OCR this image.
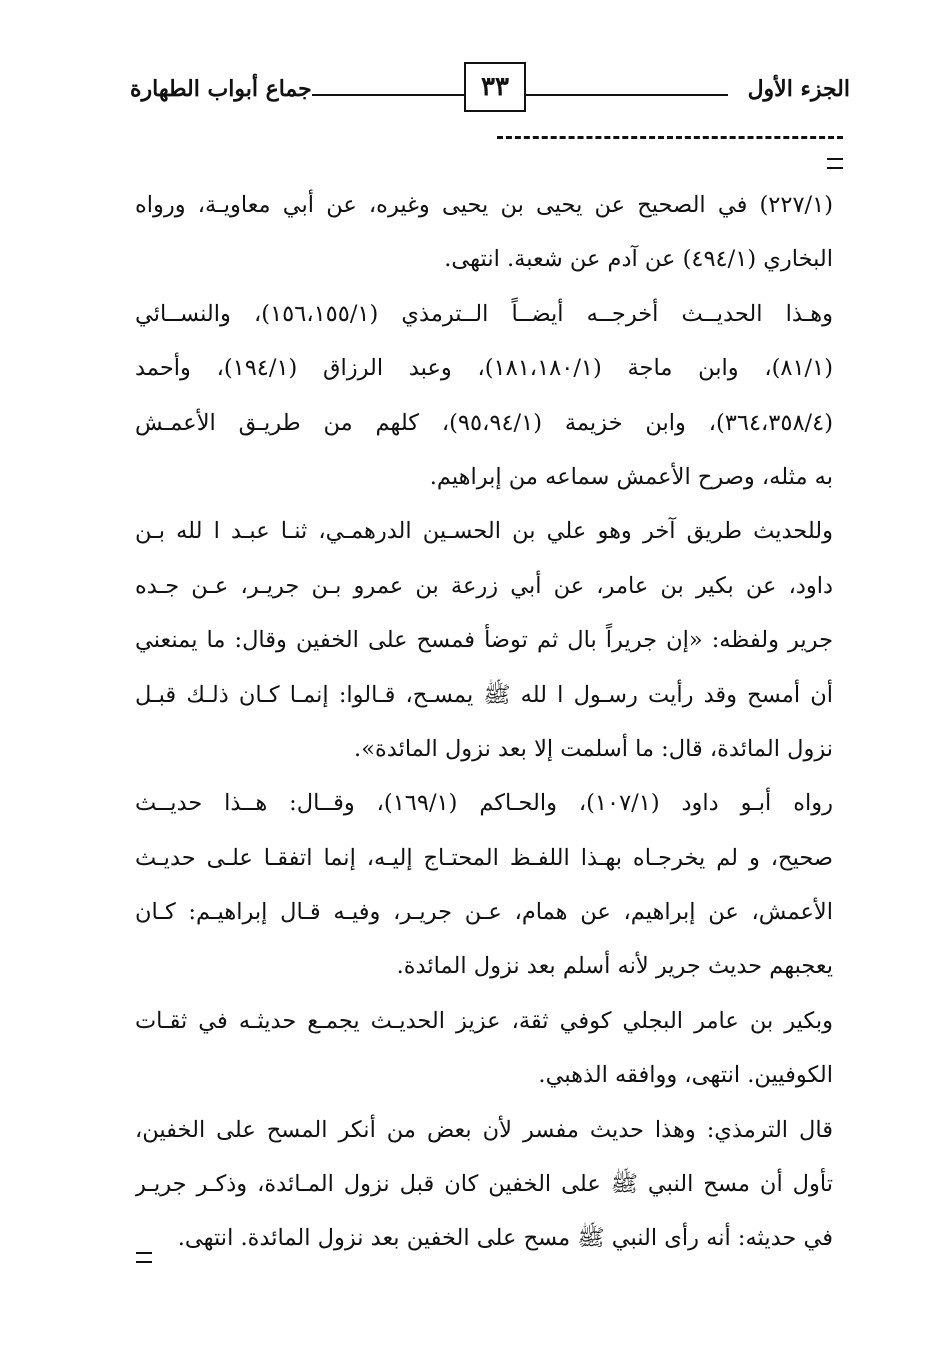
الجزء الأول
٣٣
جماع أبواب الطهارة
(٢٢٧/١) في الصحيح عن يحيى بن يحيى وغيره، عن أبي معاويـة، ورواه
البخاري (٤٩٤/١) عن آدم عن شعبة. انتهى.
وهـذا الحديــث أخرجــه أيضــاً الــترمذي (١٥٦،١٥٥/١)، والنســائي
(٨١/١)، وابن ماجة (١٨١،١٨٠/١)، وعبد الرزاق (١٩٤/١)، وأحمد
(٣٦٤،٣٥٨/٤)، وابن خزيمة (٩٥،٩٤/١)، كلهم من طريـق الأعمـش
به مثله، وصرح الأعمش سماعه من إبراهيم.
وللحديث طريق آخر وهو علي بن الحسـين الدرهمـي، ثنـا عبـد ا لله بـن
داود، عن بكير بن عامر، عن أبي زرعة بن عمرو بـن جريـر، عـن جـده
جرير ولفظه: «إن جريراً بال ثم توضأ فمسح على الخفين وقال: ما يمنعني
أن أمسح وقد رأيت رسـول ا لله ﷺ يمسـح، قـالوا: إنمـا كـان ذلـك قبـل
نزول المائدة، قال: ما أسلمت إلا بعد نزول المائدة».
رواه أبـو داود (١٠٧/١)، والحـاكم (١٦٩/١)، وقــال: هــذا حديــث
صحيح، و لم يخرجـاه بهـذا اللفـظ المحتـاج إليـه، إنما اتفقـا علـى حديـث
الأعمش، عن إبراهيم، عن همام، عـن جريـر، وفيـه قـال إبراهيـم: كـان
يعجبهم حديث جرير لأنه أسلم بعد نزول المائدة.
وبكير بن عامر البجلي كوفي ثقة، عزيز الحديـث يجمـع حديثـه في ثقـات
الكوفيين. انتهى، ووافقه الذهبي.
قال الترمذي: وهذا حديث مفسر لأن بعض من أنكر المسح على الخفين،
تأول أن مسح النبي ﷺ على الخفين كان قبل نزول المـائدة، وذكـر جريـر
في حديثه: أنه رأى النبي ﷺ مسح على الخفين بعد نزول المائدة. انتهى.
